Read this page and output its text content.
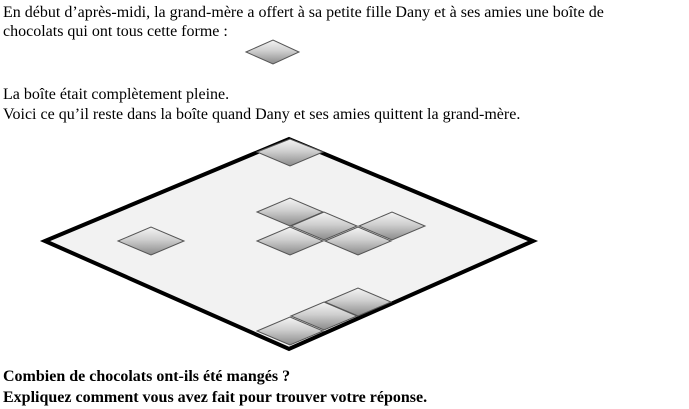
En début d’après-midi, la grand-mère a offert à sa petite fille Dany et à ses amies une boîte de
chocolats qui ont tous cette forme :
La boîte était complètement pleine.
Voici ce qu’il reste dans la boîte quand Dany et ses amies quittent la grand-mère.
Combien de chocolats ont-ils été mangés ?
Expliquez comment vous avez fait pour trouver votre réponse.
